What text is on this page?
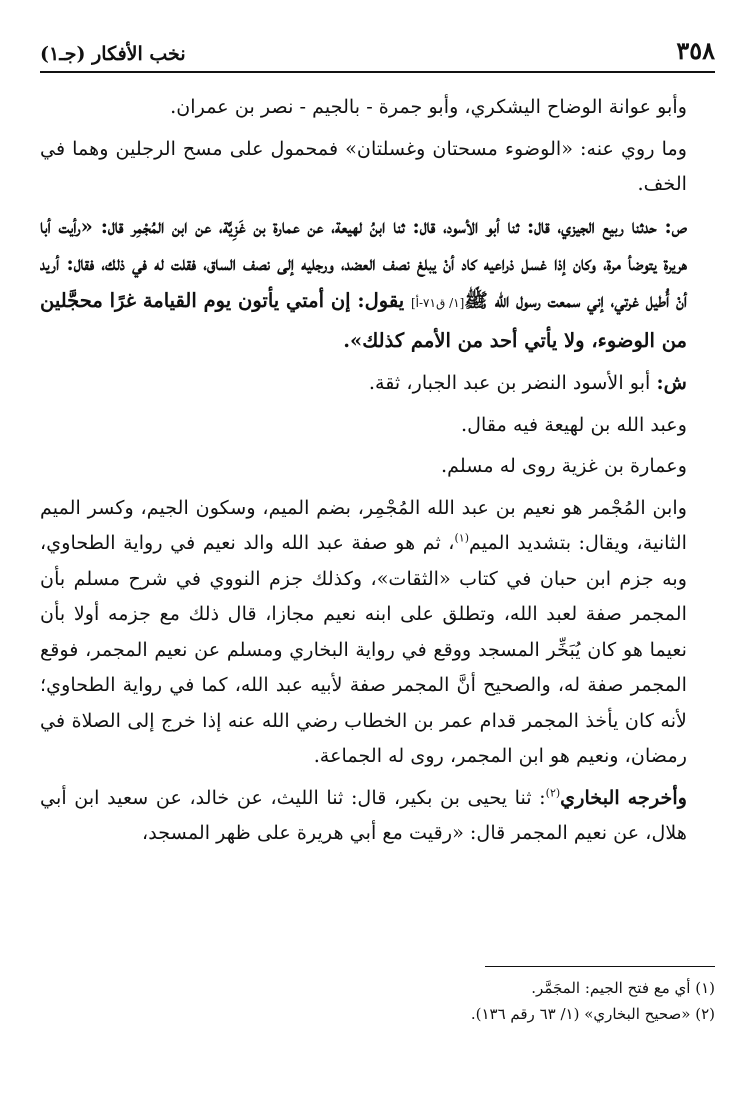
٣٥٨
نخب الأفكار (جـ١)

وأبو عوانة الوضاح اليشكري، وأبو جمرة - بالجيم - نصر بن عمران.

وما روي عنه: «الوضوء مسحتان وغسلتان» فمحمول على مسح الرجلين وهما في الخف.

ص: حدثنا ربيع الجيزي، قال: ثنا أبو الأسود، قال: ثنا ابنُ لهيعة، عن عمارة بن غَزِيَّة، عن ابن المُجْمِر قال: «رأيت أبا هريرة يتوضأ مرة، وكان إذا غسل ذراعيه كاد أنْ يبلغ نصف العضد، ورجليه إلى نصف الساق، فقلت له في ذلك، فقال: أريد أنْ أُطيل غرتي، إني سمعت رسول الله ﷺ[١/ ق٧١-أ] يقول: إن أمتي يأتون يوم القيامة غرًا محجَّلين من الوضوء، ولا يأتي أحد من الأمم كذلك».

ش: أبو الأسود النضر بن عبد الجبار، ثقة.

وعبد الله بن لهيعة فيه مقال.

وعمارة بن غزية روى له مسلم.

وابن المُجْمر هو نعيم بن عبد الله المُجْمِر، بضم الميم، وسكون الجيم، وكسر الميم الثانية، ويقال: بتشديد الميم$^{(١)}$، ثم هو صفة عبد الله والد نعيم في رواية الطحاوي، وبه جزم ابن حبان في كتاب «الثقات»، وكذلك جزم النووي في شرح مسلم بأن المجمر صفة لعبد الله، وتطلق على ابنه نعيم مجازا، قال ذلك مع جزمه أولا بأن نعيما هو كان يُبَخِّر المسجد ووقع في رواية البخاري ومسلم عن نعيم المجمر، فوقع المجمر صفة له، والصحيح أنَّ المجمر صفة لأبيه عبد الله، كما في رواية الطحاوي؛ لأنه كان يأخذ المجمر قدام عمر بن الخطاب رضي الله عنه إذا خرج إلى الصلاة في رمضان، ونعيم هو ابن المجمر، روى له الجماعة.

وأخرجه البخاري$^{(٢)}$: ثنا يحيى بن بكير، قال: ثنا الليث، عن خالد، عن سعيد ابن أبي هلال، عن نعيم المجمر قال: «رقيت مع أبي هريرة على ظهر المسجد،

(١) أي مع فتح الجيم: المجَمَّر.

(٢) «صحيح البخاري» (١/ ٦٣ رقم ١٣٦).
